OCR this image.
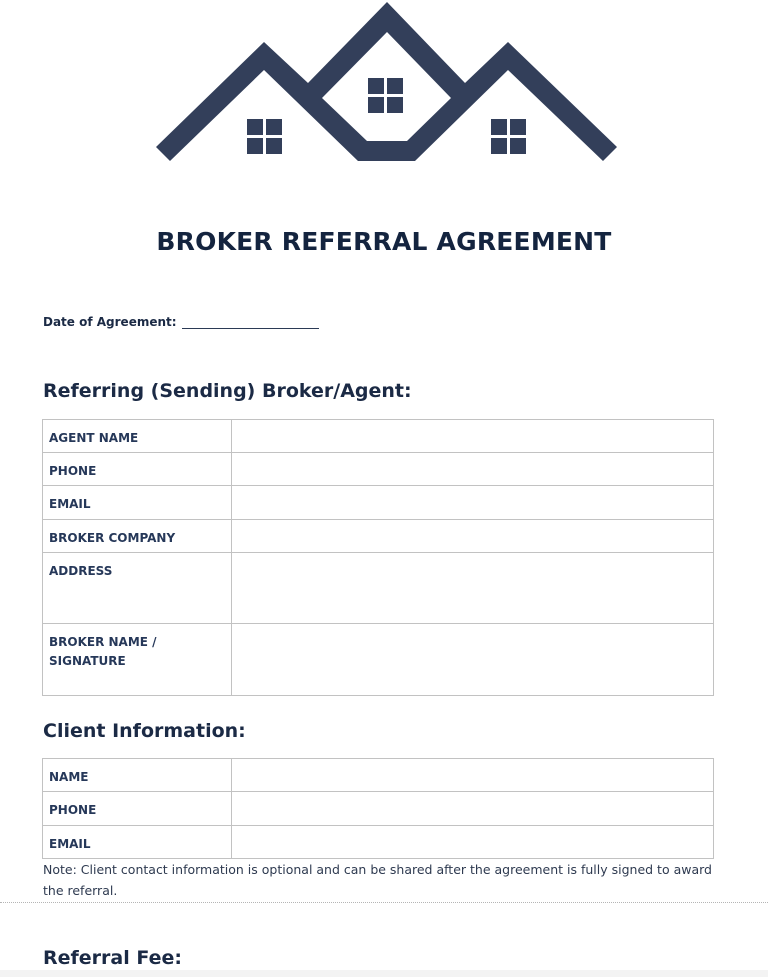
BROKER REFERRAL AGREEMENT
Date of Agreement:
Referring (Sending) Broker/Agent:
AGENT NAME	
PHONE	
EMAIL	
BROKER COMPANY	
ADDRESS	
BROKER NAME / SIGNATURE	
Client Information:
NAME	
PHONE	
EMAIL	
Note: Client contact information is optional and can be shared after the agreement is fully signed to award the referral.
Referral Fee:
